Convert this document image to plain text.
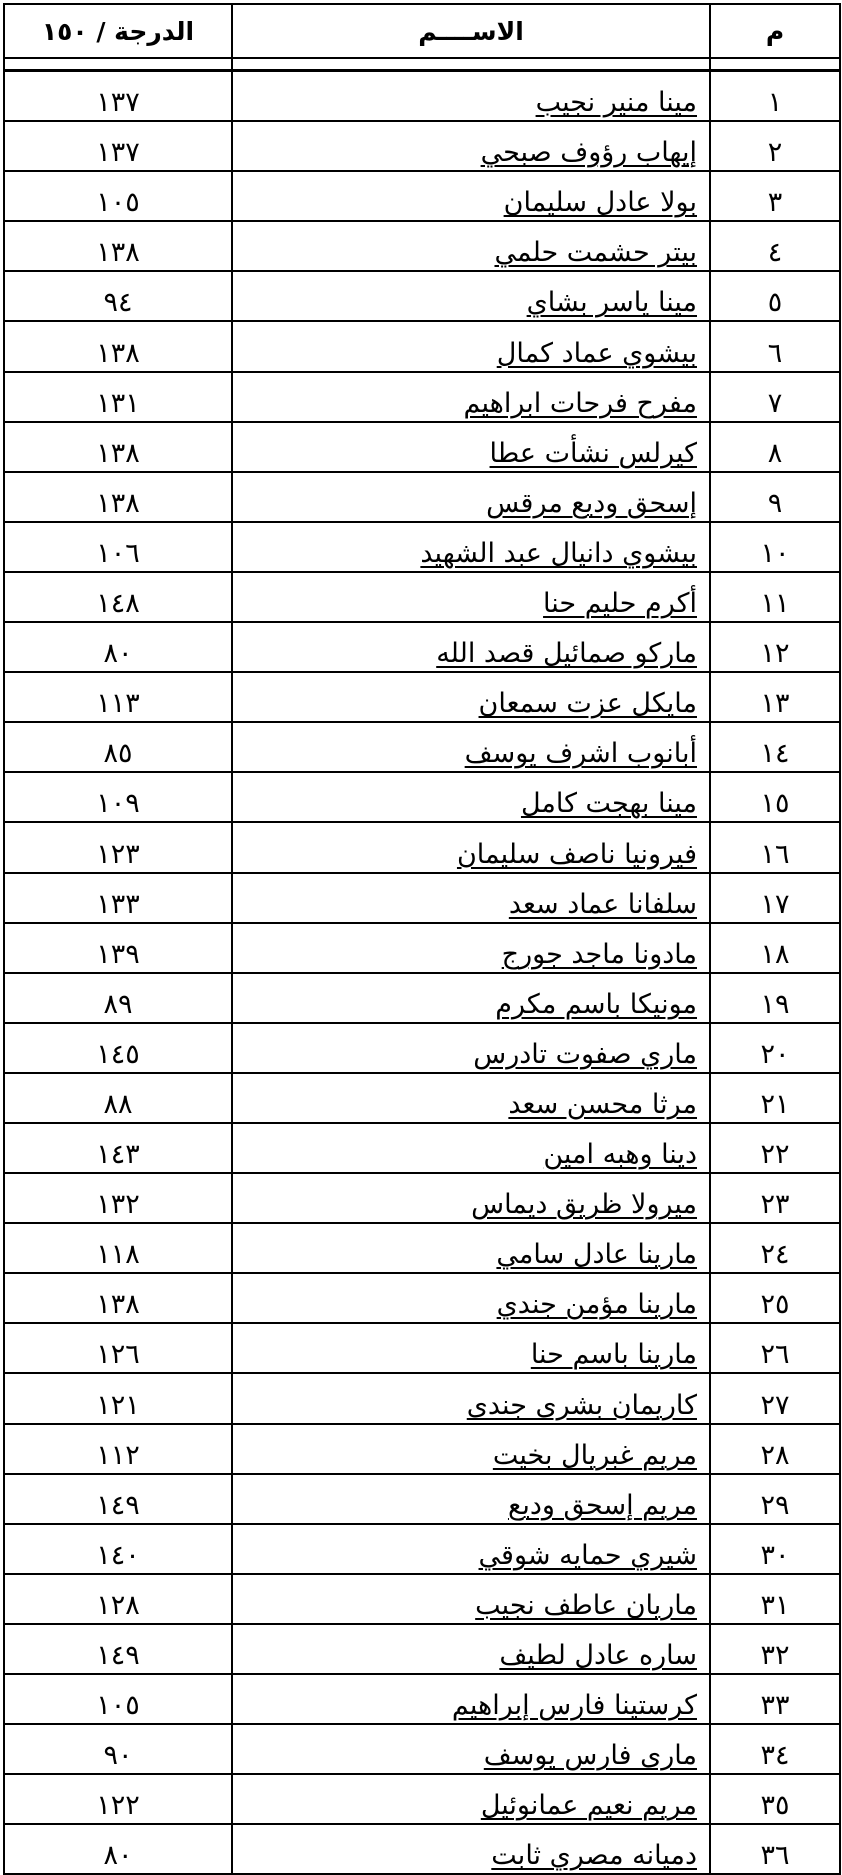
الدرجة / ١٥٠	الاســــم	م

١٣٧	مينا منير نجيب	١
١٣٧	إيهاب رؤوف صبحي	٢
١٠٥	بولا عادل سليمان	٣
١٣٨	بيتر حشمت حلمي	٤
٩٤	مينا ياسر بشاي	٥
١٣٨	بيشوي عماد كمال	٦
١٣١	مفرح فرحات ابراهيم	٧
١٣٨	كيرلس نشأت عطا	٨
١٣٨	إسحق وديع مرقس	٩
١٠٦	بيشوي دانيال عبد الشهيد	١٠
١٤٨	أكرم حليم حنا	١١
٨٠	ماركو صمائيل قصد الله	١٢
١١٣	مايكل عزت سمعان	١٣
٨٥	أبانوب اشرف يوسف	١٤
١٠٩	مينا بهجت كامل	١٥
١٢٣	فيرونيا ناصف سليمان	١٦
١٣٣	سلفانا عماد سعد	١٧
١٣٩	مادونا ماجد جورج	١٨
٨٩	مونيكا باسم مكرم	١٩
١٤٥	ماري صفوت تادرس	٢٠
٨٨	مرثا محسن سعد	٢١
١٤٣	دينا وهبه امين	٢٢
١٣٢	ميرولا ظريق ديماس	٢٣
١١٨	مارينا عادل سامي	٢٤
١٣٨	مارينا مؤمن جندي	٢٥
١٢٦	مارينا باسم حنا	٢٦
١٢١	كاريمان بشرى جندى	٢٧
١١٢	مريم غبريال بخيت	٢٨
١٤٩	مريم إسحق وديع	٢٩
١٤٠	شيري حمايه شوقي	٣٠
١٢٨	ماريان عاطف نجيب	٣١
١٤٩	ساره عادل لطيف	٣٢
١٠٥	كرستينا فارس إبراهيم	٣٣
٩٠	مارى فارس يوسف	٣٤
١٢٢	مريم نعيم عمانوئيل	٣٥
٨٠	دميانه مصري ثابت	٣٦
